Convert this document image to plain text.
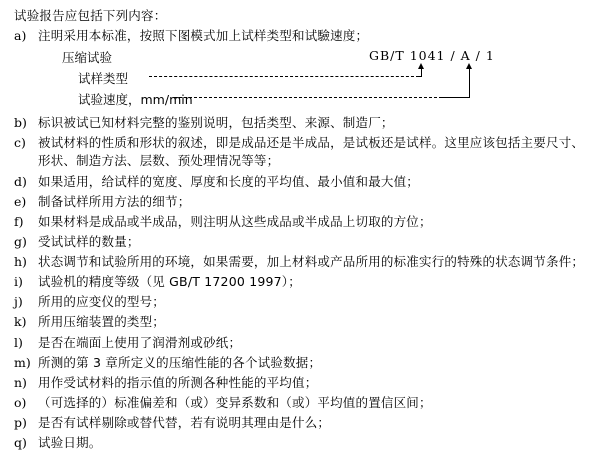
试验报告应包括下列内容：
a) 注明采用本标准，按照下图模式加上试样类型和试驗速度；
压缩试验
试样类型
试验速度，mm/min
GB/T 1041 / A / 1
b) 标识被试已知材料完整的鉴别说明，包括类型、来源、制造厂；
c) 被试材料的性质和形状的叙述，即是成品还是半成品，是试板还是试样。这里应该包括主要尺寸、形状、制造方法、层数、预处理情况等等；
d) 如果适用，给试样的宽度、厚度和长度的平均值、最小值和最大值；
e) 制备试样所用方法的细节；
f)	如果材料是成品或半成品，则注明从这些成品或半成品上切取的方位；
g) 受试试样的数量；
h) 状态调节和试验所用的环境，如果需要，加上材料或产品所用的标准实行的特殊的状态调节条件；
i)	试验机的精度等级（见 GB/T 17200 1997）；
j)	所用的应变仪的型号；
k) 所用压缩装置的类型；
l)	是否在端面上使用了润滑剂或砂纸；
m) 所测的第 3 章所定义的压缩性能的各个试验数据；
n) 用作受试材料的指示值的所测各种性能的平均值；
o) （可选择的）标准偏差和（或）变异系数和（或）平均值的置信区间；
p) 是否有试样剔除或替代替，若有说明其理由是什么；
q) 试验日期。
